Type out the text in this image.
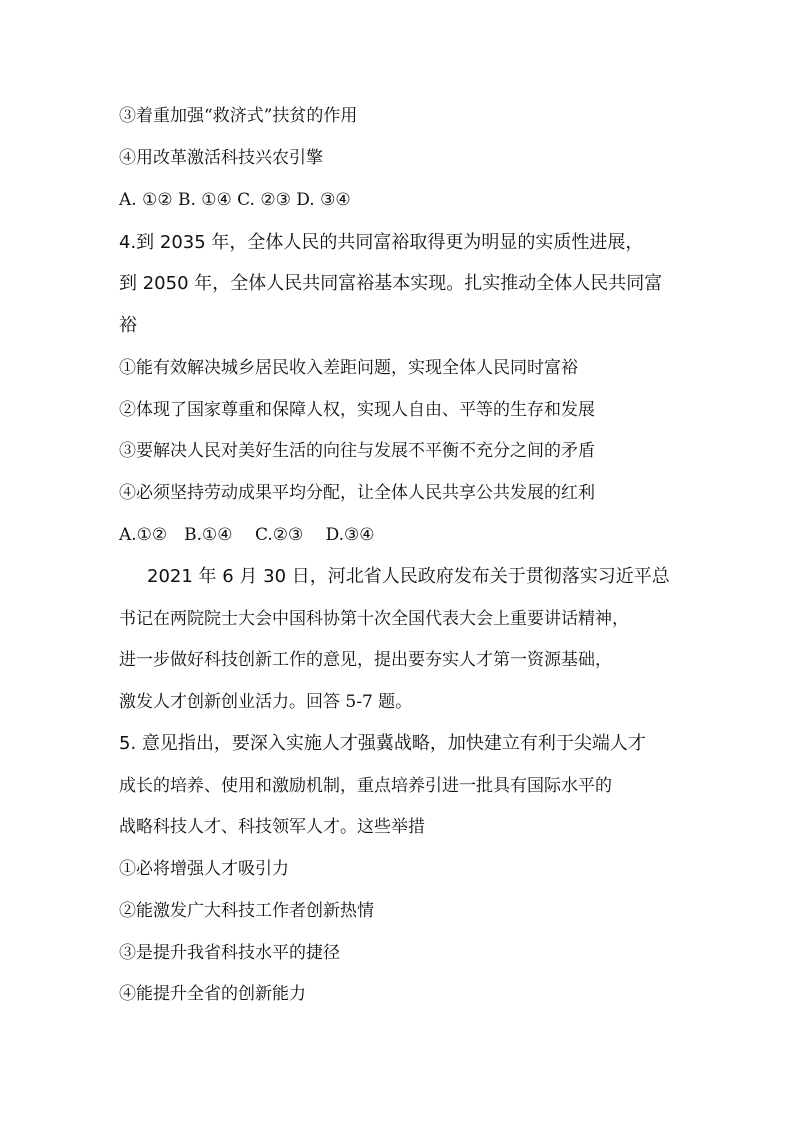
③着重加强“救济式”扶贫的作用
④用改革激活科技兴农引擎
A. ①② B. ①④ C. ②③ D. ③④
4.到 2035 年，全体人民的共同富裕取得更为明显的实质性进展，
到 2050 年，全体人民共同富裕基本实现。扎实推动全体人民共同富
裕
①能有效解决城乡居民收入差距问题，实现全体人民同时富裕
②体现了国家尊重和保障人权，实现人自由、平等的生存和发展
③要解决人民对美好生活的向往与发展不平衡不充分之间的矛盾
④必须坚持劳动成果平均分配，让全体人民共享公共发展的红利
A.①②　B.①④　 C.②③　 D.③④
2021 年 6 月 30 日，河北省人民政府发布关于贯彻落实习近平总
书记在两院院士大会中国科协第十次全国代表大会上重要讲话精神，
进一步做好科技创新工作的意见，提出要夯实人才第一资源基础，
激发人才创新创业活力。回答 5-7 题。
5. 意见指出，要深入实施人才强冀战略，加快建立有利于尖端人才
成长的培养、使用和激励机制，重点培养引进一批具有国际水平的
战略科技人才、科技领军人才。这些举措
①必将增强人才吸引力
②能激发广大科技工作者创新热情
③是提升我省科技水平的捷径
④能提升全省的创新能力
